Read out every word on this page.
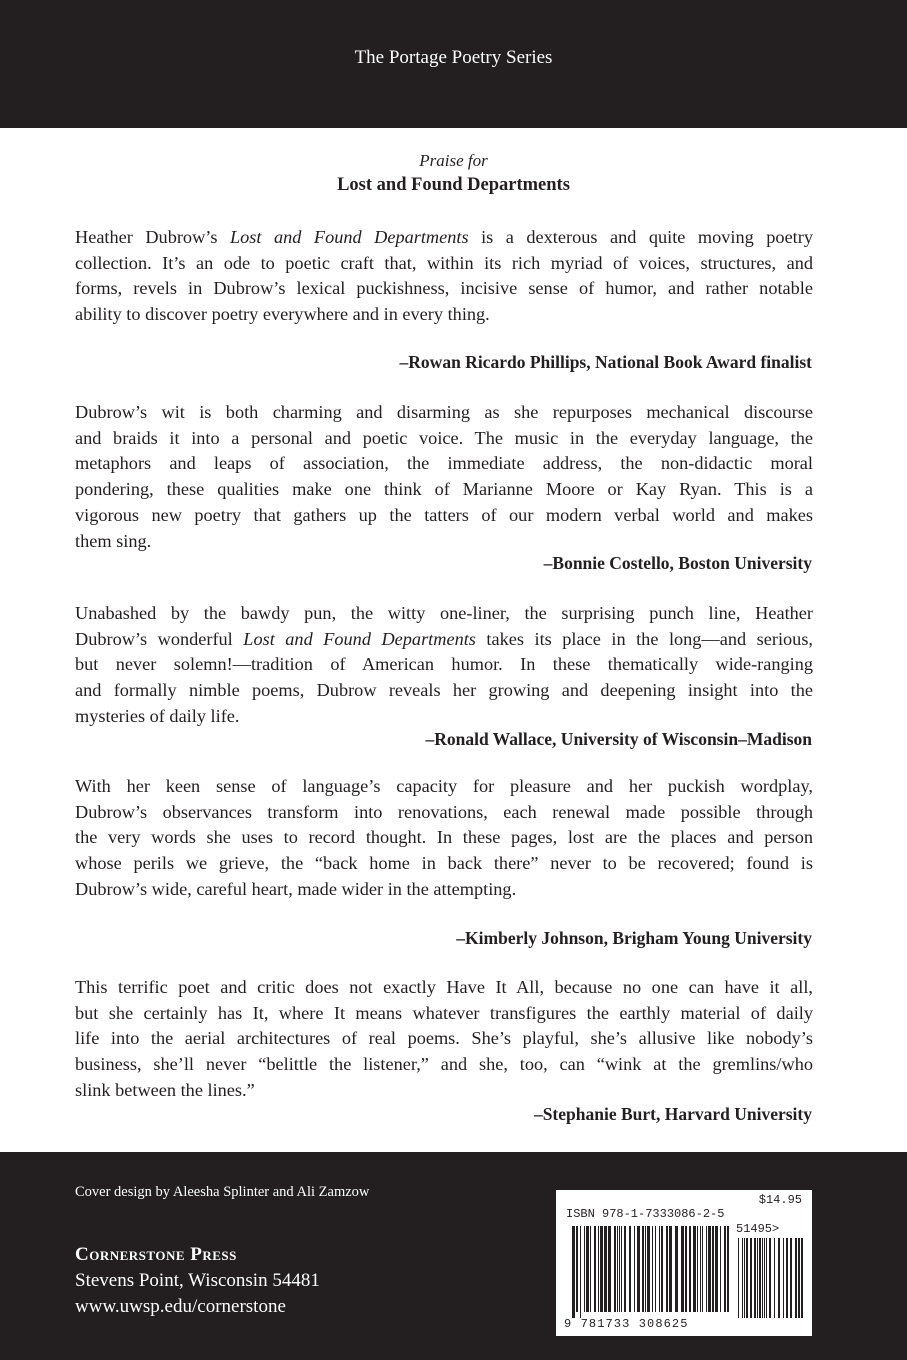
The Portage Poetry Series
Praise for
Lost and Found Departments
Heather Dubrow’s Lost and Found Departments is a dexterous and quite moving poetry
collection. It’s an ode to poetic craft that, within its rich myriad of voices, structures, and
forms, revels in Dubrow’s lexical puckishness, incisive sense of humor, and rather notable
ability to discover poetry everywhere and in every thing.
–Rowan Ricardo Phillips, National Book Award finalist
Dubrow’s wit is both charming and disarming as she repurposes mechanical discourse
and braids it into a personal and poetic voice. The music in the everyday language, the
metaphors and leaps of association, the immediate address, the non-didactic moral
pondering, these qualities make one think of Marianne Moore or Kay Ryan. This is a
vigorous new poetry that gathers up the tatters of our modern verbal world and makes
them sing.
–Bonnie Costello, Boston University
Unabashed by the bawdy pun, the witty one-liner, the surprising punch line, Heather
Dubrow’s wonderful Lost and Found Departments takes its place in the long—and serious,
but never solemn!—tradition of American humor. In these thematically wide-ranging
and formally nimble poems, Dubrow reveals her growing and deepening insight into the
mysteries of daily life.
–Ronald Wallace, University of Wisconsin–Madison
With her keen sense of language’s capacity for pleasure and her puckish wordplay,
Dubrow’s observances transform into renovations, each renewal made possible through
the very words she uses to record thought. In these pages, lost are the places and person
whose perils we grieve, the “back home in back there” never to be recovered; found is
Dubrow’s wide, careful heart, made wider in the attempting.
–Kimberly Johnson, Brigham Young University
This terrific poet and critic does not exactly Have It All, because no one can have it all,
but she certainly has It, where It means whatever transfigures the earthly material of daily
life into the aerial architectures of real poems. She’s playful, she’s allusive like nobody’s
business, she’ll never “belittle the listener,” and she, too, can “wink at the gremlins/who
slink between the lines.”
–Stephanie Burt, Harvard University
Cover design by Aleesha Splinter and Ali Zamzow
Cornerstone Press
Stevens Point, Wisconsin 54481
www.uwsp.edu/cornerstone
$14.95
ISBN 978-1-7333086-2-5
51495>
9 781733 308625
